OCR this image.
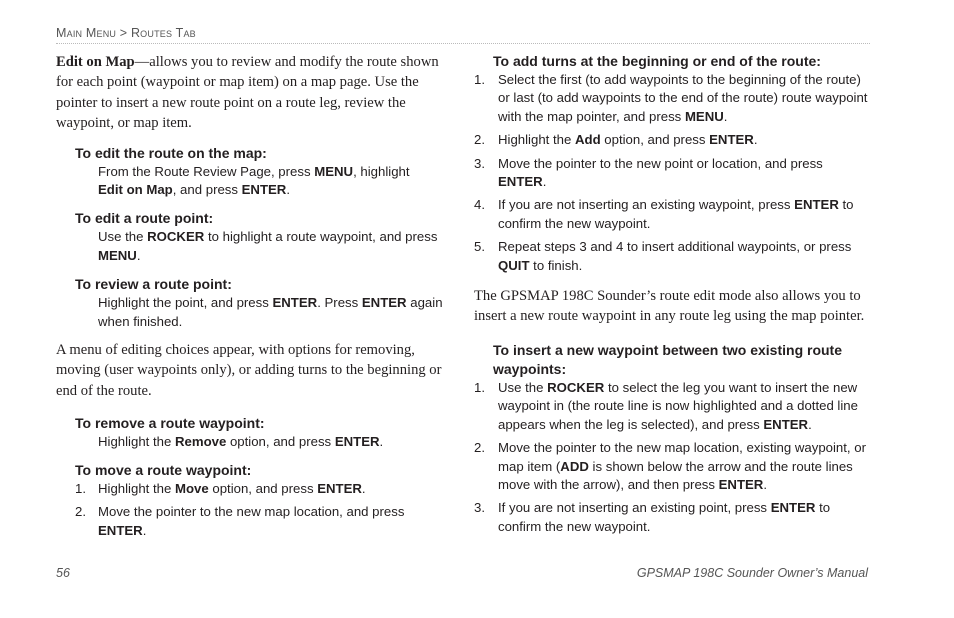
Main Menu > Routes Tab

Edit on Map—allows you to review and modify the route shown for each point (waypoint or map item) on a map page. Use the pointer to insert a new route point on a route leg, review the waypoint, or map item.

To edit the route on the map:

From the Route Review Page, press MENU, highlight
Edit on Map, and press ENTER.

To edit a route point:

Use the ROCKER to highlight a route waypoint, and press MENU.

To review a route point:

Highlight the point, and press ENTER. Press ENTER again when finished.

A menu of editing choices appear, with options for removing, moving (user waypoints only), or adding turns to the beginning or end of the route.

To remove a route waypoint:

Highlight the Remove option, and press ENTER.

To move a route waypoint:

1. Highlight the Move option, and press ENTER.
2. Move the pointer to the new map location, and press ENTER.

To add turns at the beginning or end of the route:

1. Select the first (to add waypoints to the beginning of the route) or last (to add waypoints to the end of the route) route waypoint with the map pointer, and press MENU.
2. Highlight the Add option, and press ENTER.
3. Move the pointer to the new point or location, and press ENTER.
4. If you are not inserting an existing waypoint, press ENTER to confirm the new waypoint.
5. Repeat steps 3 and 4 to insert additional waypoints, or press QUIT to finish.

The GPSMAP 198C Sounder’s route edit mode also allows you to insert a new route waypoint in any route leg using the map pointer.

To insert a new waypoint between two existing route waypoints:

1. Use the ROCKER to select the leg you want to insert the new waypoint in (the route line is now highlighted and a dotted line appears when the leg is selected), and press ENTER.
2. Move the pointer to the new map location, existing waypoint, or map item (ADD is shown below the arrow and the route lines move with the arrow), and then press ENTER.
3. If you are not inserting an existing point, press ENTER to confirm the new waypoint.
56	GPSMAP 198C Sounder Owner’s Manual
